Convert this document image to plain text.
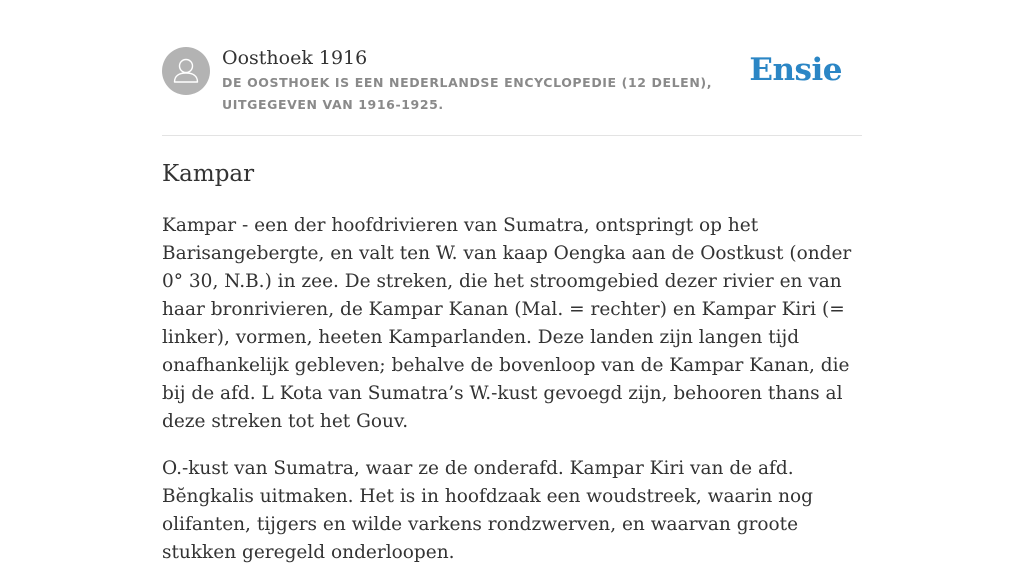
Oosthoek 1916
DE OOSTHOEK IS EEN NEDERLANDSE ENCYCLOPEDIE (12 DELEN), UITGEGEVEN VAN 1916-1925.
Ensie
Kampar

Kampar - een der hoofdrivieren van Sumatra, ontspringt op het Barisangebergte, en valt ten W. van kaap Oengka aan de Oostkust (onder 0° 30, N.B.) in zee. De streken, die het stroomgebied dezer rivier en van haar bronrivieren, de Kampar Kanan (Mal. = rechter) en Kampar Kiri (= linker), vormen, heeten Kamparlanden. Deze landen zijn langen tijd onafhankelijk gebleven; behalve de bovenloop van de Kampar Kanan, die bij de afd. L Kota van Sumatra’s W.-kust gevoegd zijn, behooren thans al deze streken tot het Gouv.

O.-kust van Sumatra, waar ze de onderafd. Kampar Kiri van de afd. Bĕngkalis uitmaken. Het is in hoofdzaak een woudstreek, waarin nog olifanten, tijgers en wilde varkens rondzwerven, en waarvan groote stukken geregeld onderloopen.
